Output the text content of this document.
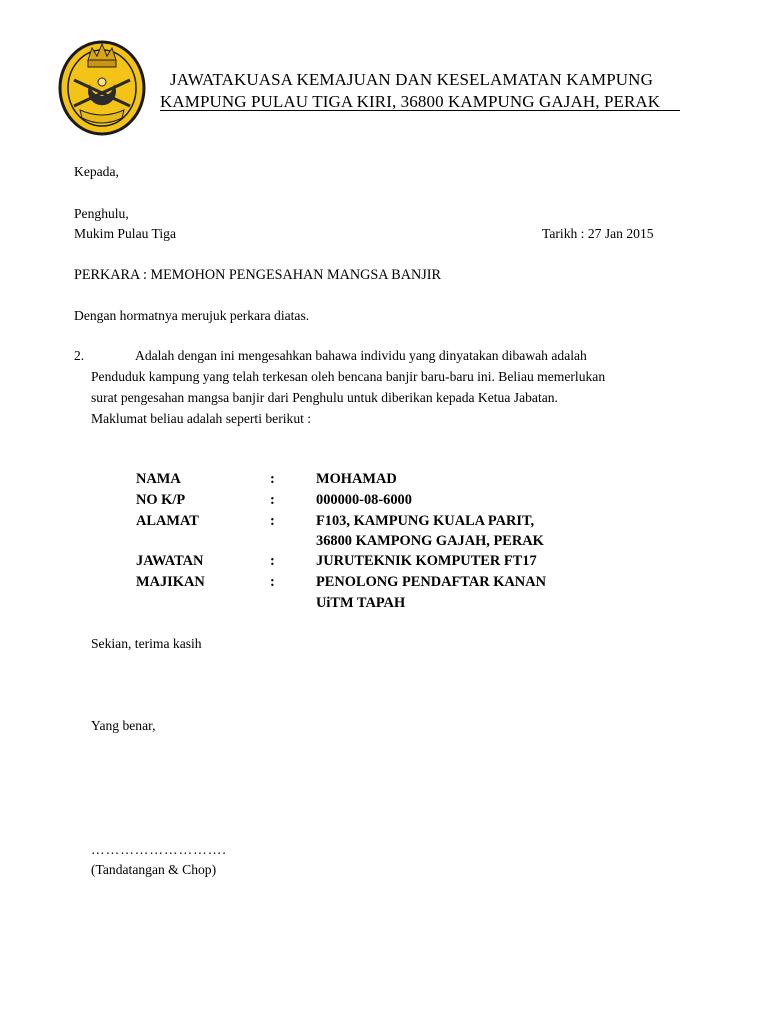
JAWATAKUASA KEMAJUAN DAN KESELAMATAN KAMPUNG
KAMPUNG PULAU TIGA KIRI, 36800 KAMPUNG GAJAH, PERAK
Kepada,
Penghulu,
Mukim Pulau Tiga	Tarikh : 27 Jan 2015
PERKARA : MEMOHON PENGESAHAN MANGSA BANJIR
Dengan hormatnya merujuk perkara diatas.
2.	Adalah dengan ini mengesahkan bahawa individu yang dinyatakan dibawah adalah
Penduduk kampung yang telah terkesan oleh bencana banjir baru-baru ini. Beliau memerlukan
surat pengesahan mangsa banjir dari Penghulu untuk diberikan kepada Ketua Jabatan.
Maklumat beliau adalah seperti berikut :
NAMA	:	MOHAMAD
NO K/P	:	000000-08-6000
ALAMAT	:	F103, KAMPUNG KUALA PARIT,
36800 KAMPONG GAJAH, PERAK
JAWATAN	:	JURUTEKNIK KOMPUTER FT17
MAJIKAN	:	PENOLONG PENDAFTAR KANAN
UiTM TAPAH
Sekian, terima kasih
Yang benar,
……………………….
(Tandatangan & Chop)
